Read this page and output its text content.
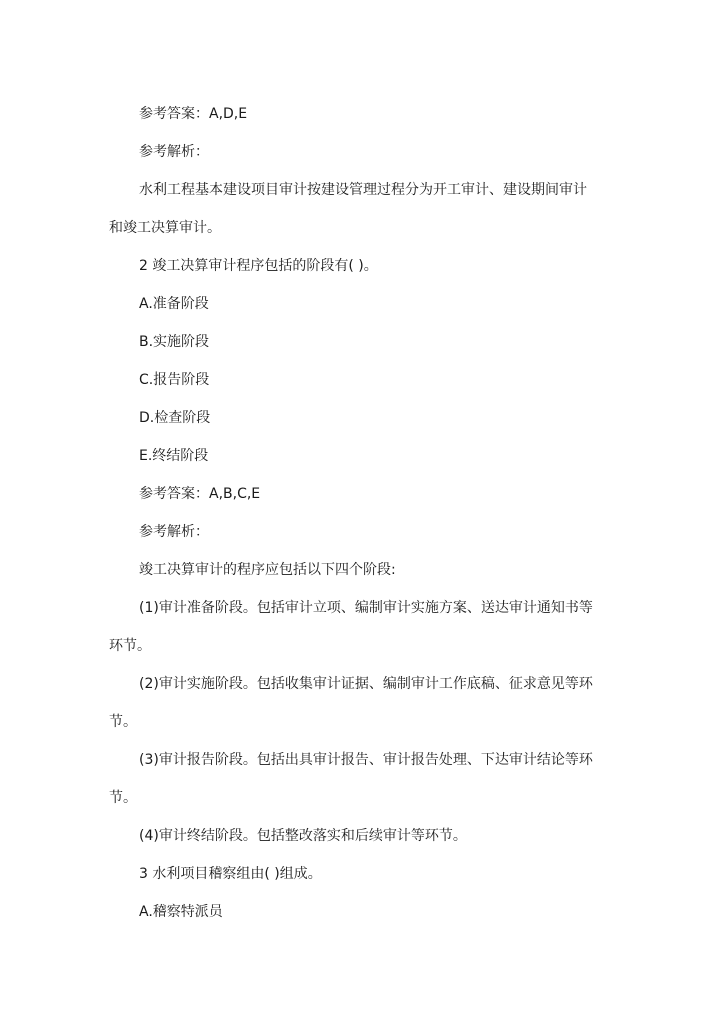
参考答案：A,D,E
参考解析：
水利工程基本建设项目审计按建设管理过程分为开工审计、建设期间审计
和竣工决算审计。
2 竣工决算审计程序包括的阶段有( )。
A.准备阶段
B.实施阶段
C.报告阶段
D.检查阶段
E.终结阶段
参考答案：A,B,C,E
参考解析：
竣工决算审计的程序应包括以下四个阶段:
(1)审计准备阶段。包括审计立项、编制审计实施方案、送达审计通知书等
环节。
(2)审计实施阶段。包括收集审计证据、编制审计工作底稿、征求意见等环
节。
(3)审计报告阶段。包括出具审计报告、审计报告处理、下达审计结论等环
节。
(4)审计终结阶段。包括整改落实和后续审计等环节。
3 水利项目稽察组由( )组成。
A.稽察特派员
